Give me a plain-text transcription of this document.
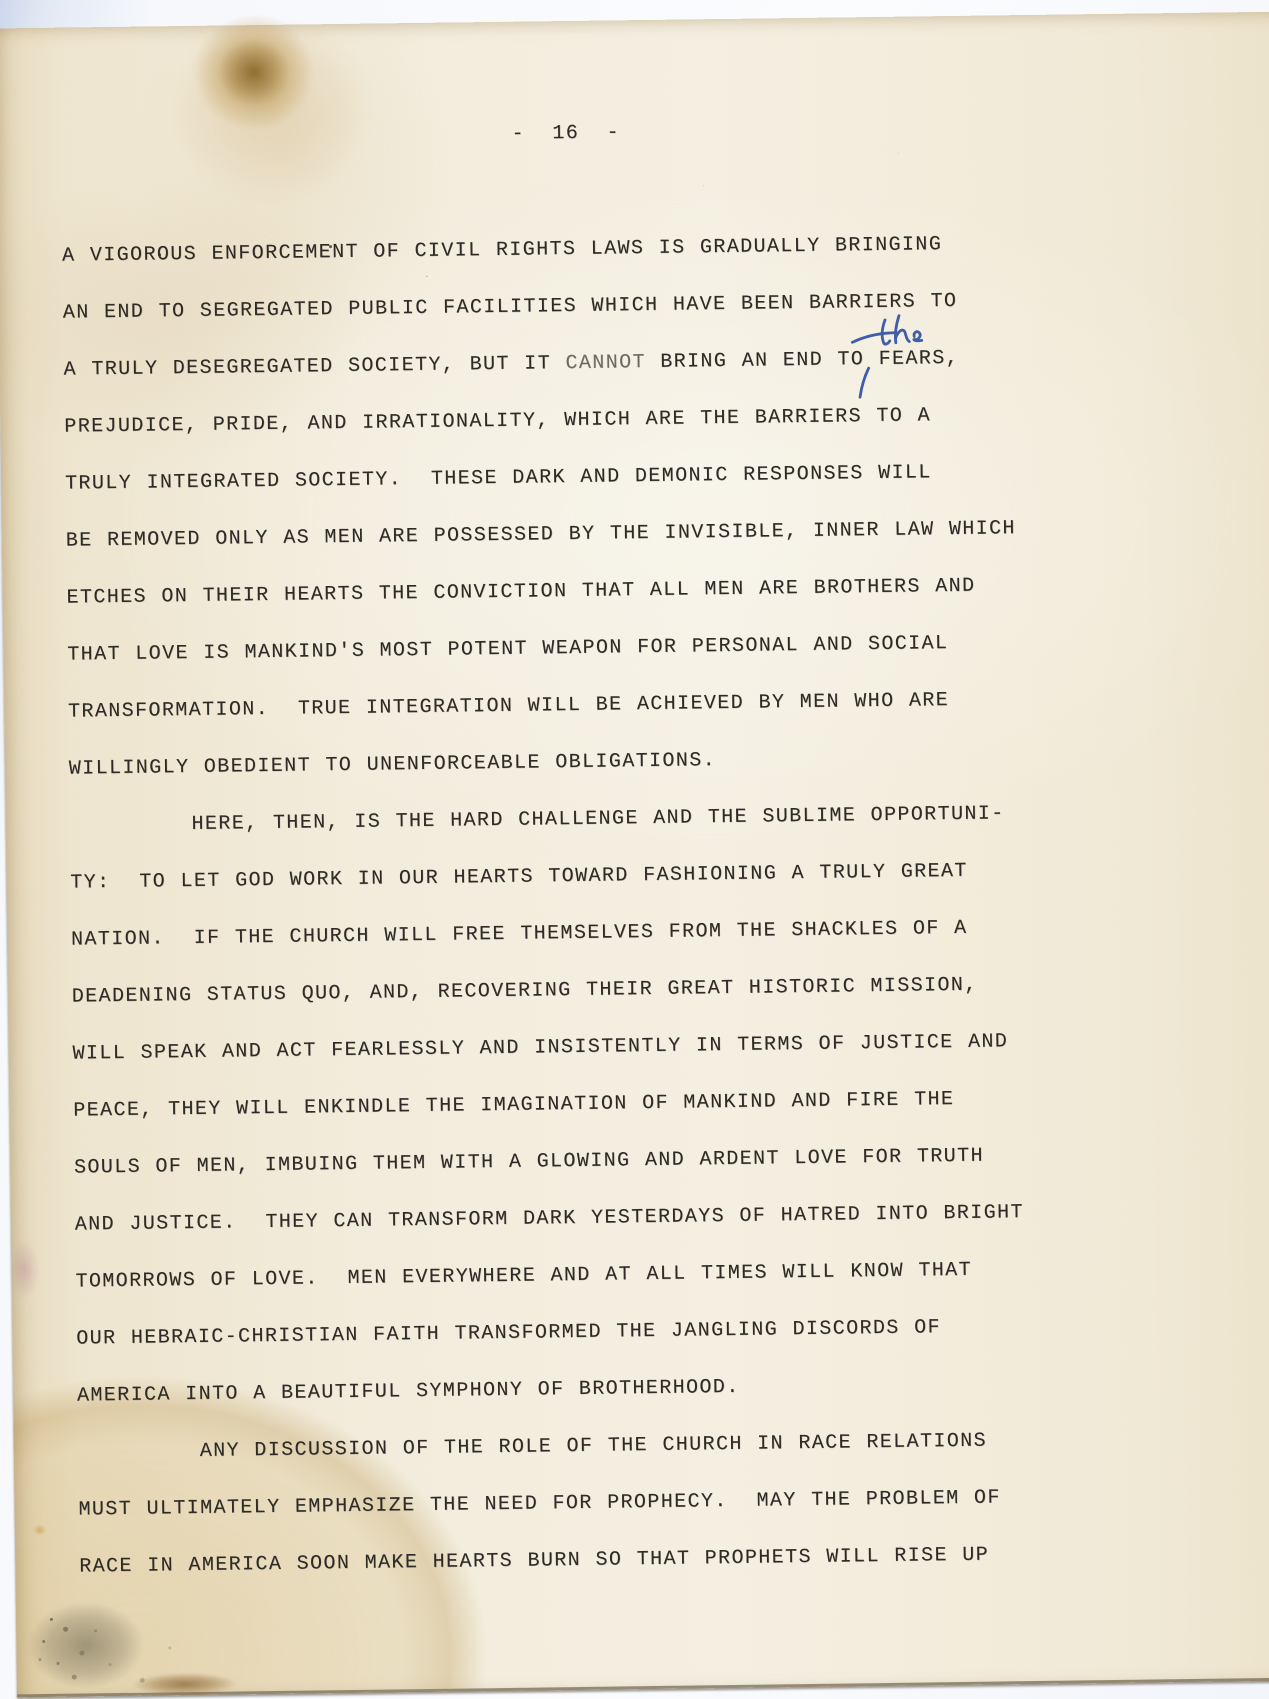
- 16 -
A VIGOROUS ENFORCEMENT OF CIVIL RIGHTS LAWS IS GRADUALLY BRINGING
AN END TO SEGREGATED PUBLIC FACILITIES WHICH HAVE BEEN BARRIERS TO
A TRULY DESEGREGATED SOCIETY, BUT IT CANNOT BRING AN END TO FEARS,
PREJUDICE, PRIDE, AND IRRATIONALITY, WHICH ARE THE BARRIERS TO A
TRULY INTEGRATED SOCIETY.  THESE DARK AND DEMONIC RESPONSES WILL
BE REMOVED ONLY AS MEN ARE POSSESSED BY THE INVISIBLE, INNER LAW WHICH
ETCHES ON THEIR HEARTS THE CONVICTION THAT ALL MEN ARE BROTHERS AND
THAT LOVE IS MANKIND'S MOST POTENT WEAPON FOR PERSONAL AND SOCIAL
TRANSFORMATION.  TRUE INTEGRATION WILL BE ACHIEVED BY MEN WHO ARE
WILLINGLY OBEDIENT TO UNENFORCEABLE OBLIGATIONS.
HERE, THEN, IS THE HARD CHALLENGE AND THE SUBLIME OPPORTUNI-
TY:  TO LET GOD WORK IN OUR HEARTS TOWARD FASHIONING A TRULY GREAT
NATION.  IF THE CHURCH WILL FREE THEMSELVES FROM THE SHACKLES OF A
DEADENING STATUS QUO, AND, RECOVERING THEIR GREAT HISTORIC MISSION,
WILL SPEAK AND ACT FEARLESSLY AND INSISTENTLY IN TERMS OF JUSTICE AND
PEACE, THEY WILL ENKINDLE THE IMAGINATION OF MANKIND AND FIRE THE
SOULS OF MEN, IMBUING THEM WITH A GLOWING AND ARDENT LOVE FOR TRUTH
AND JUSTICE.  THEY CAN TRANSFORM DARK YESTERDAYS OF HATRED INTO BRIGHT
TOMORROWS OF LOVE.  MEN EVERYWHERE AND AT ALL TIMES WILL KNOW THAT
OUR HEBRAIC-CHRISTIAN FAITH TRANSFORMED THE JANGLING DISCORDS OF
AMERICA INTO A BEAUTIFUL SYMPHONY OF BROTHERHOOD.
ANY DISCUSSION OF THE ROLE OF THE CHURCH IN RACE RELATIONS
MUST ULTIMATELY EMPHASIZE THE NEED FOR PROPHECY.  MAY THE PROBLEM OF
RACE IN AMERICA SOON MAKE HEARTS BURN SO THAT PROPHETS WILL RISE UP
